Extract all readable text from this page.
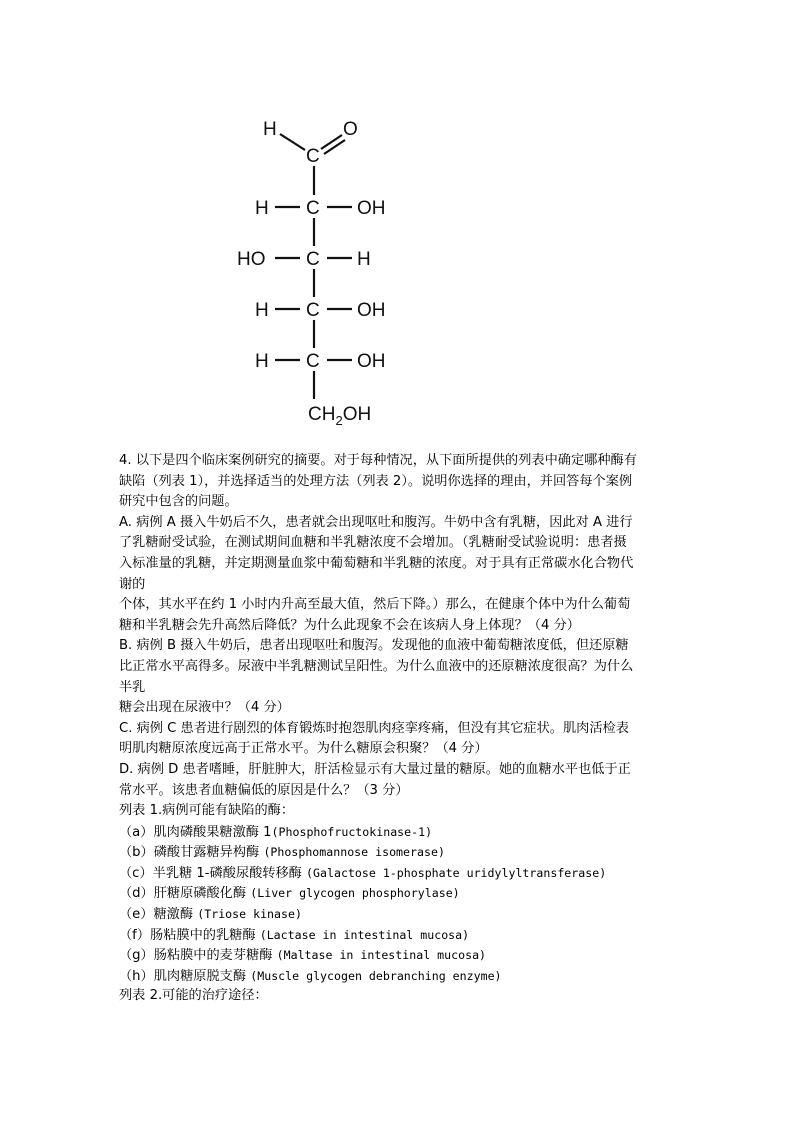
H	O
C
H C OH
HO C H
H C OH
H C OH
$CH_2OH$
4. 以下是四个临床案例研究的摘要。对于每种情况，从下面所提供的列表中确定哪种酶有
缺陷（列表 1），并选择适当的处理方法（列表 2）。说明你选择的理由，并回答每个案例
研究中包含的问题。
A. 病例 A 摄入牛奶后不久，患者就会出现呕吐和腹泻。牛奶中含有乳糖，因此对 A 进行
了乳糖耐受试验，在测试期间血糖和半乳糖浓度不会增加。（乳糖耐受试验说明：患者摄
入标准量的乳糖，并定期测量血浆中葡萄糖和半乳糖的浓度。对于具有正常碳水化合物代
谢的
个体，其水平在约 1 小时内升高至最大值，然后下降。）那么，在健康个体中为什么葡萄
糖和半乳糖会先升高然后降低？为什么此现象不会在该病人身上体现？（4 分）
B. 病例 B 摄入牛奶后，患者出现呕吐和腹泻。发现他的血液中葡萄糖浓度低，但还原糖
比正常水平高得多。尿液中半乳糖测试呈阳性。为什么血液中的还原糖浓度很高？为什么
半乳
糖会出现在尿液中？（4 分）
C. 病例 C 患者进行剧烈的体育锻炼时抱怨肌肉痉挛疼痛，但没有其它症状。肌肉活检表
明肌肉糖原浓度远高于正常水平。为什么糖原会积聚？（4 分）
D. 病例 D 患者嗜睡，肝脏肿大，肝活检显示有大量过量的糖原。她的血糖水平也低于正
常水平。该患者血糖偏低的原因是什么？（3 分）
列表 1.病例可能有缺陷的酶：
（a）肌肉磷酸果糖激酶 1(Phosphofructokinase-1)
（b）磷酸甘露糖异构酶 (Phosphomannose isomerase)
（c）半乳糖 1-磷酸尿酸转移酶 (Galactose 1-phosphate uridylyltransferase)
（d）肝糖原磷酸化酶 (Liver glycogen phosphorylase)
（e）糖激酶 (Triose kinase)
（f）肠粘膜中的乳糖酶 (Lactase in intestinal mucosa)
（g）肠粘膜中的麦芽糖酶 (Maltase in intestinal mucosa)
（h）肌肉糖原脱支酶 (Muscle glycogen debranching enzyme)
列表 2.可能的治疗途径：
